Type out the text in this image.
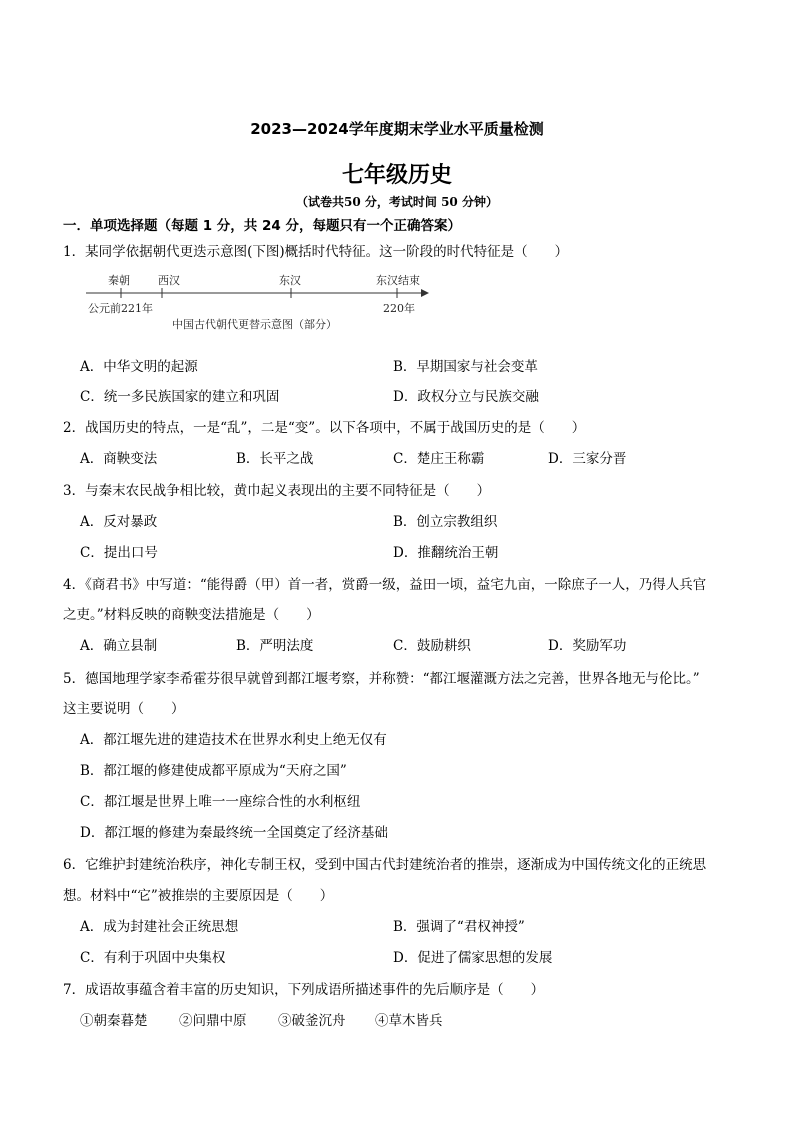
2023—2024学年度期末学业水平质量检测
七年级历史
（试卷共50 分，考试时间 50 分钟）
一．单项选择题（每题 1 分，共 24 分，每题只有一个正确答案）
1．某同学依据朝代更迭示意图(下图)概括时代特征。这一阶段的时代特征是（　　）
秦朝	西汉	东汉	东汉结束
公元前221年	220年
中国古代朝代更替示意图（部分）
A．中华文明的起源	B．早期国家与社会变革
C．统一多民族国家的建立和巩固	D．政权分立与民族交融
2．战国历史的特点，一是“乱”，二是“变”。以下各项中，不属于战国历史的是（　　）
A．商鞅变法	B．长平之战	C．楚庄王称霸	D．三家分晋
3．与秦末农民战争相比较，黄巾起义表现出的主要不同特征是（　　）
A．反对暴政	B．创立宗教组织
C．提出口号	D．推翻统治王朝
4．《商君书》中写道：“能得爵（甲）首一者，赏爵一级，益田一顷，益宅九亩，一除庶子一人，乃得人兵官
之吏。”材料反映的商鞅变法措施是（　　）
A．确立县制	B．严明法度	C．鼓励耕织	D．奖励军功
5．德国地理学家李希霍芬很早就曾到都江堰考察，并称赞：“都江堰灌溉方法之完善，世界各地无与伦比。”
这主要说明（　　）
A．都江堰先进的建造技术在世界水利史上绝无仅有
B．都江堰的修建使成都平原成为“天府之国”
C．都江堰是世界上唯一一座综合性的水利枢纽
D．都江堰的修建为秦最终统一全国奠定了经济基础
6．它维护封建统治秩序，神化专制王权，受到中国古代封建统治者的推崇，逐渐成为中国传统文化的正统思
想。材料中“它”被推崇的主要原因是（　　）
A．成为封建社会正统思想	B．强调了“君权神授”
C．有利于巩固中央集权	D．促进了儒家思想的发展
7．成语故事蕴含着丰富的历史知识，下列成语所描述事件的先后顺序是（　　）
①朝秦暮楚 ②问鼎中原 ③破釜沉舟 ④草木皆兵
